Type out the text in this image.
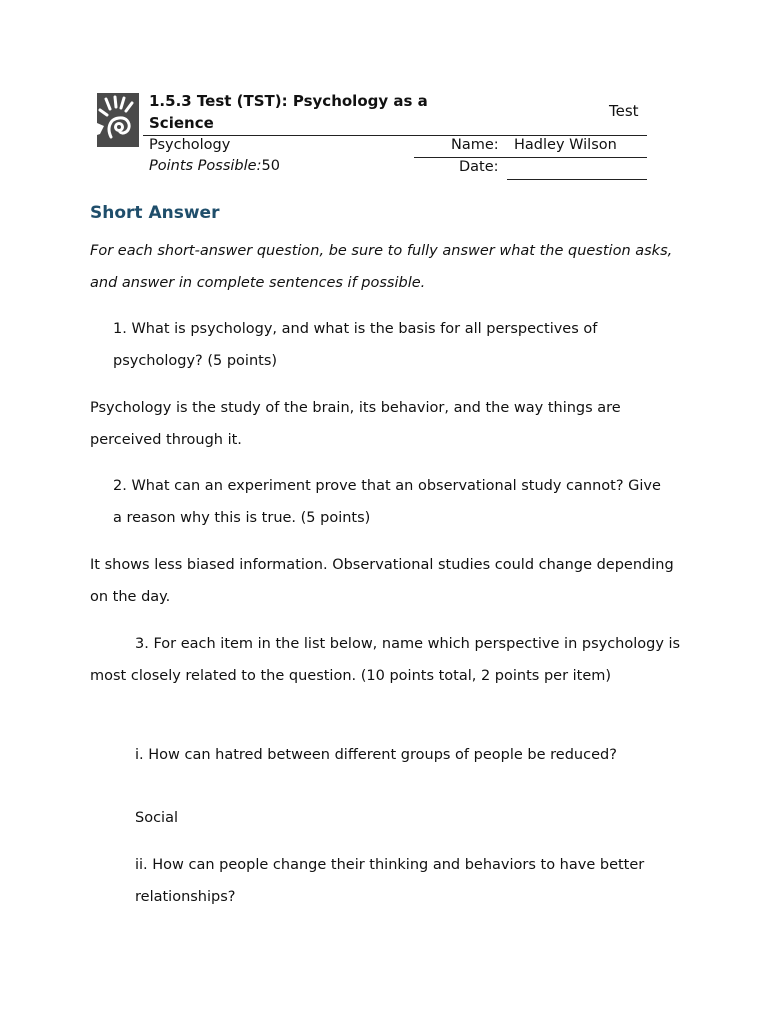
1.5.3 Test (TST): Psychology as a Science
Test
Psychology
Points Possible:50
Name: Hadley Wilson
Date:
Short Answer
For each short-answer question, be sure to fully answer what the question asks, and answer in complete sentences if possible.
1. What is psychology, and what is the basis for all perspectives of psychology? (5 points)
Psychology is the study of the brain, its behavior, and the way things are perceived through it.
2. What can an experiment prove that an observational study cannot? Give a reason why this is true. (5 points)
It shows less biased information. Observational studies could change depending on the day.
3. For each item in the list below, name which perspective in psychology is most closely related to the question. (10 points total, 2 points per item)
i. How can hatred between different groups of people be reduced?
Social
ii. How can people change their thinking and behaviors to have better relationships?
